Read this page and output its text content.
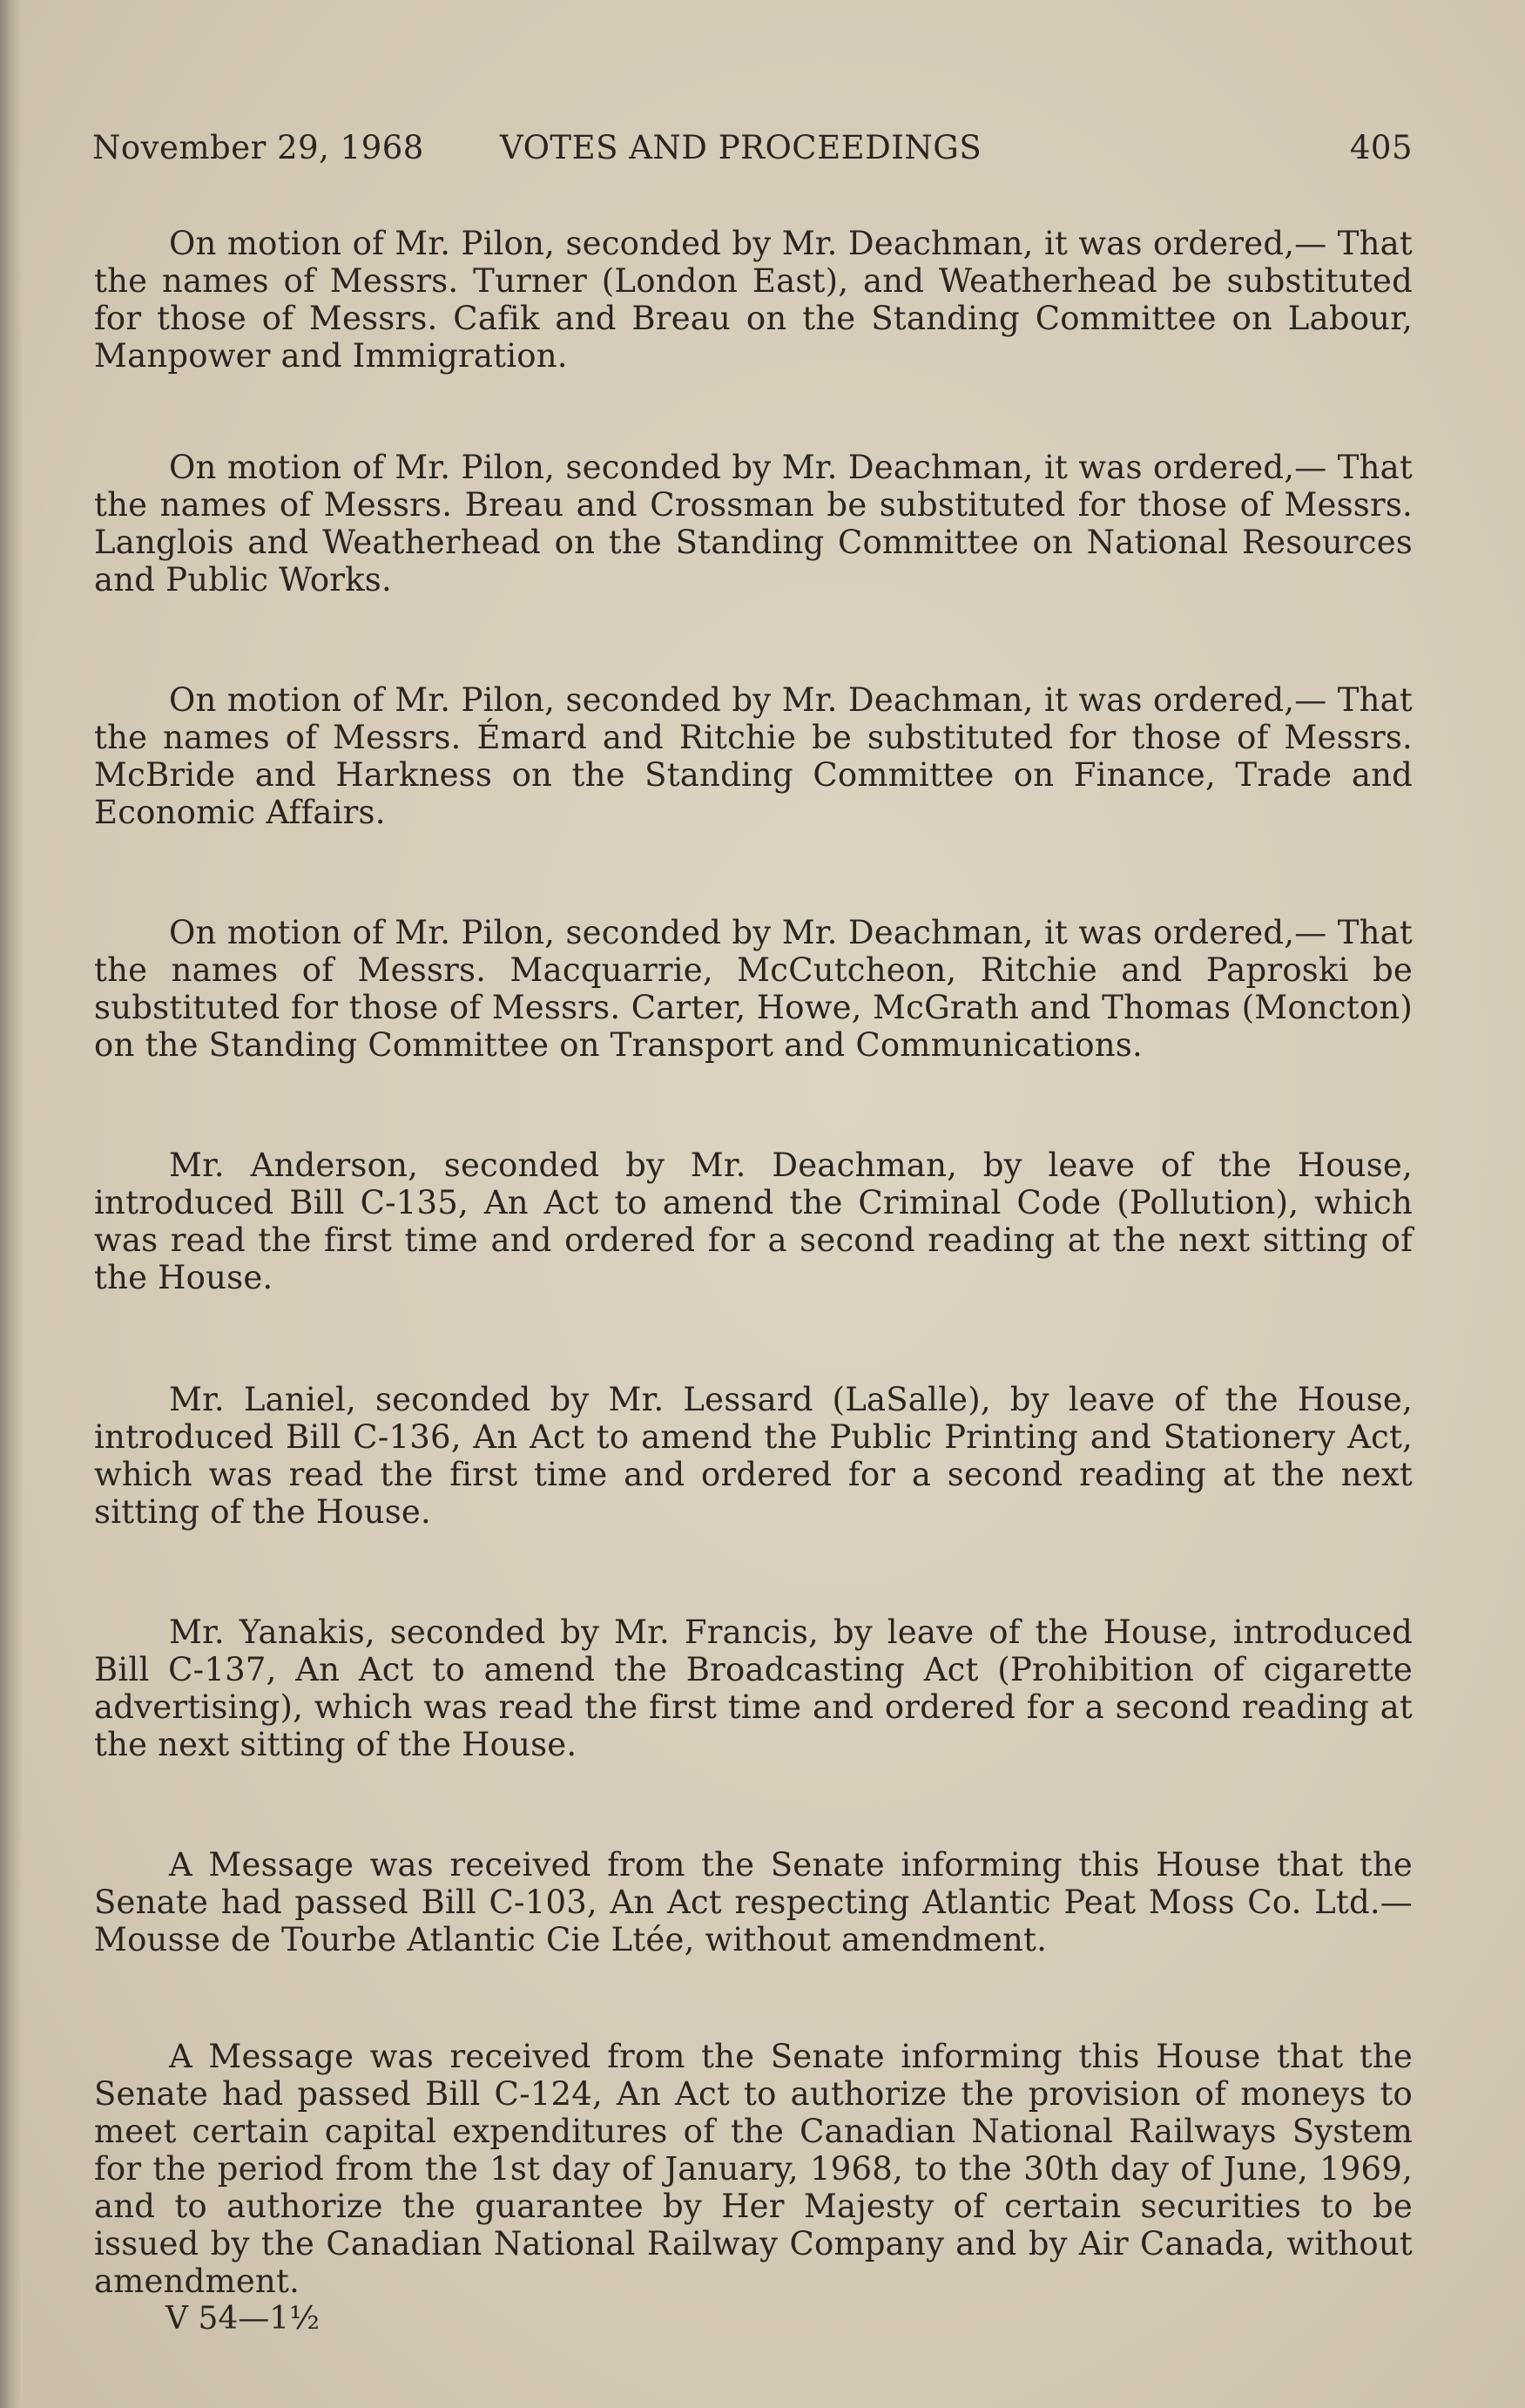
November 29, 1968 VOTES AND PROCEEDINGS	405

On motion of Mr. Pilon, seconded by Mr. Deachman, it was ordered,— That the names of Messrs. Turner (London East), and Weatherhead be substituted for those of Messrs. Cafik and Breau on the Standing Committee on Labour, Manpower and Immigration.

On motion of Mr. Pilon, seconded by Mr. Deachman, it was ordered,— That the names of Messrs. Breau and Crossman be substituted for those of Messrs. Langlois and Weatherhead on the Standing Committee on National Resources and Public Works.

On motion of Mr. Pilon, seconded by Mr. Deachman, it was ordered,— That the names of Messrs. Émard and Ritchie be substituted for those of Messrs. McBride and Harkness on the Standing Committee on Finance, Trade and Economic Affairs.

On motion of Mr. Pilon, seconded by Mr. Deachman, it was ordered,— That the names of Messrs. Macquarrie, McCutcheon, Ritchie and Paproski be substituted for those of Messrs. Carter, Howe, McGrath and Thomas (Moncton) on the Standing Committee on Transport and Communications.

Mr. Anderson, seconded by Mr. Deachman, by leave of the House, introduced Bill C-135, An Act to amend the Criminal Code (Pollution), which was read the first time and ordered for a second reading at the next sitting of the House.

Mr. Laniel, seconded by Mr. Lessard (LaSalle), by leave of the House, introduced Bill C-136, An Act to amend the Public Printing and Stationery Act, which was read the first time and ordered for a second reading at the next sitting of the House.

Mr. Yanakis, seconded by Mr. Francis, by leave of the House, introduced Bill C-137, An Act to amend the Broadcasting Act (Prohibition of cigarette advertising), which was read the first time and ordered for a second reading at the next sitting of the House.

A Message was received from the Senate informing this House that the Senate had passed Bill C-103, An Act respecting Atlantic Peat Moss Co. Ltd.— Mousse de Tourbe Atlantic Cie Ltée, without amendment.

A Message was received from the Senate informing this House that the Senate had passed Bill C-124, An Act to authorize the provision of moneys to meet certain capital expenditures of the Canadian National Railways System for the period from the 1st day of January, 1968, to the 30th day of June, 1969, and to authorize the guarantee by Her Majesty of certain securities to be issued by the Canadian National Railway Company and by Air Canada, without amendment.

V 54—1½
